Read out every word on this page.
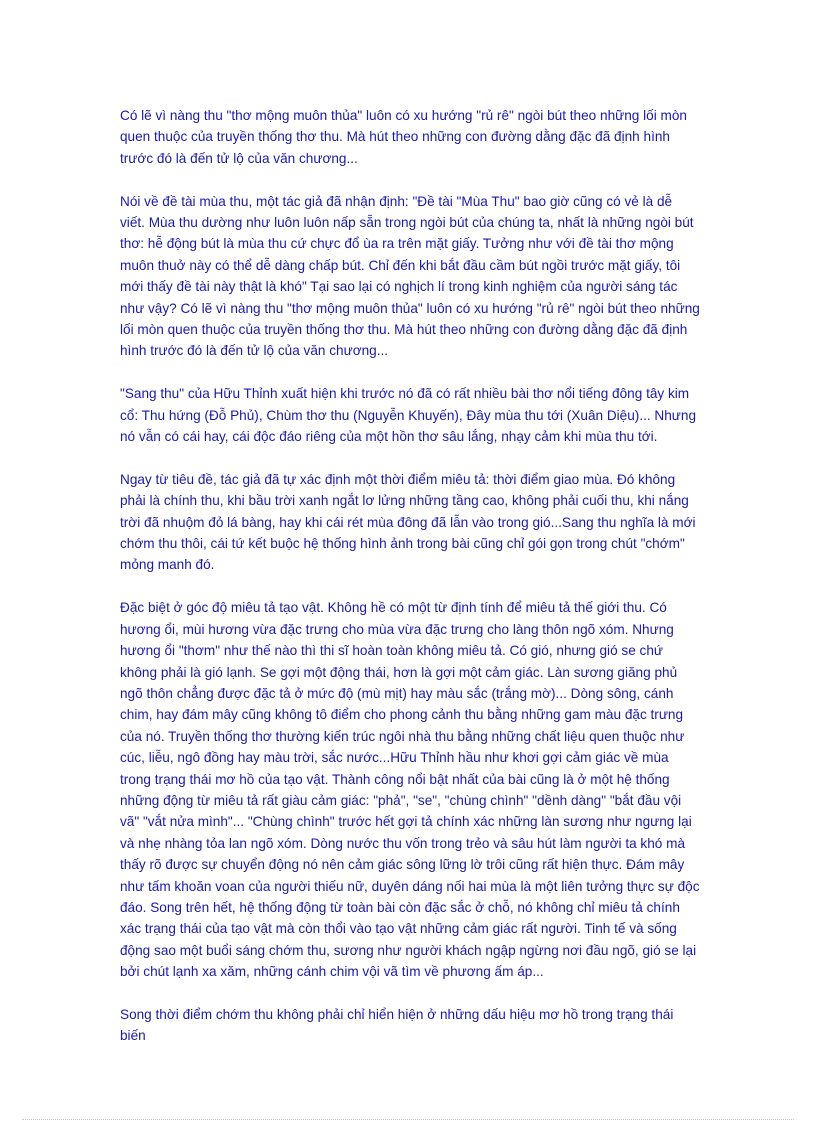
Có lẽ vì nàng thu "thơ mộng muôn thủa" luôn có xu hướng "rủ rê" ngòi bút theo những lối mòn quen thuộc của truyền thống thơ thu. Mà hút theo những con đường dằng đặc đã định hình trước đó là đến tử lộ của văn chương...

Nói về đề tài mùa thu, một tác giả đã nhận định: "Đề tài "Mùa Thu" bao giờ cũng có vẻ là dễ viết. Mùa thu dường như luôn luôn nấp sẵn trong ngòi bút của chúng ta, nhất là những ngòi bút thơ: hễ động bút là mùa thu cứ chực đổ ùa ra trên mặt giấy. Tưởng như với đề tài thơ mộng muôn thuở này có thể dễ dàng chấp bút. Chỉ đến khi bắt đầu cầm bút ngồi trước mặt giấy, tôi mới thấy đề tài này thật là khó" Tại sao lại có nghịch lí trong kinh nghiệm của người sáng tác như vậy? Có lẽ vì nàng thu "thơ mộng muôn thủa" luôn có xu hướng "rủ rê" ngòi bút theo những lối mòn quen thuộc của truyền thống thơ thu. Mà hút theo những con đường dằng đặc đã định hình trước đó là đến tử lộ của văn chương...

"Sang thu" của Hữu Thỉnh xuất hiện khi trước nó đã có rất nhiều bài thơ nổi tiếng đông tây kim cổ: Thu hứng (Đỗ Phủ), Chùm thơ thu (Nguyễn Khuyến), Đây mùa thu tới (Xuân Diệu)... Nhưng nó vẫn có cái hay, cái độc đáo riêng của một hồn thơ sâu lắng, nhạy cảm khi mùa thu tới.

Ngay từ tiêu đề, tác giả đã tự xác định một thời điểm miêu tả: thời điểm giao mùa. Đó không phải là chính thu, khi bầu trời xanh ngắt lơ lửng những tầng cao, không phải cuối thu, khi nắng trời đã nhuộm đỏ lá bàng, hay khi cái rét mùa đông đã lẫn vào trong gió...Sang thu nghĩa là mới chớm thu thôi, cái tứ kết buộc hệ thống hình ảnh trong bài cũng chỉ gói gọn trong chút "chớm" mỏng manh đó.

Đặc biệt ở góc độ miêu tả tạo vật. Không hề có một từ định tính để miêu tả thế giới thu. Có hương ổi, mùi hương vừa đặc trưng cho mùa vừa đặc trưng cho làng thôn ngõ xóm. Nhưng hương ổi "thơm" như thế nào thì thi sĩ hoàn toàn không miêu tả. Có gió, nhưng gió se chứ không phải là gió lạnh. Se gợi một động thái, hơn là gợi một cảm giác. Làn sương giăng phủ ngõ thôn chẳng được đặc tả ở mức độ (mù mịt) hay màu sắc (trắng mờ)... Dòng sông, cánh chim, hay đám mây cũng không tô điểm cho phong cảnh thu bằng những gam màu đặc trưng của nó. Truyền thống thơ thường kiến trúc ngôi nhà thu bằng những chất liệu quen thuộc như cúc, liễu, ngô đồng hay màu trời, sắc nước...Hữu Thỉnh hầu như khơi gợi cảm giác về mùa trong trạng thái mơ hồ của tạo vật. Thành công nổi bật nhất của bài cũng là ở một hệ thống những động từ miêu tả rất giàu cảm giác: "phả", "se", "chùng chình" "dềnh dàng" "bắt đầu vội vã" "vắt nửa mình"... "Chùng chình" trước hết gợi tả chính xác những làn sương như ngưng lại và nhẹ nhàng tỏa lan ngõ xóm. Dòng nước thu vốn trong trẻo và sâu hút làm người ta khó mà thấy rõ được sự chuyển động nó nên cảm giác sông lững lờ trôi cũng rất hiện thực. Đám mây như tấm khoăn voan của người thiếu nữ, duyên dáng nối hai mùa là một liên tưởng thực sự độc đáo. Song trên hết, hệ thống động từ toàn bài còn đặc sắc ở chỗ, nó không chỉ miêu tả chính xác trạng thái của tạo vật mà còn thổi vào tạo vật những cảm giác rất người. Tinh tế và sống động sao một buổi sáng chớm thu, sương như người khách ngập ngừng nơi đầu ngõ, gió se lại bởi chút lạnh xa xăm, những cánh chim vội vã tìm về phương ấm áp...

Song thời điểm chớm thu không phải chỉ hiển hiện ở những dấu hiệu mơ hồ trong trạng thái biến
